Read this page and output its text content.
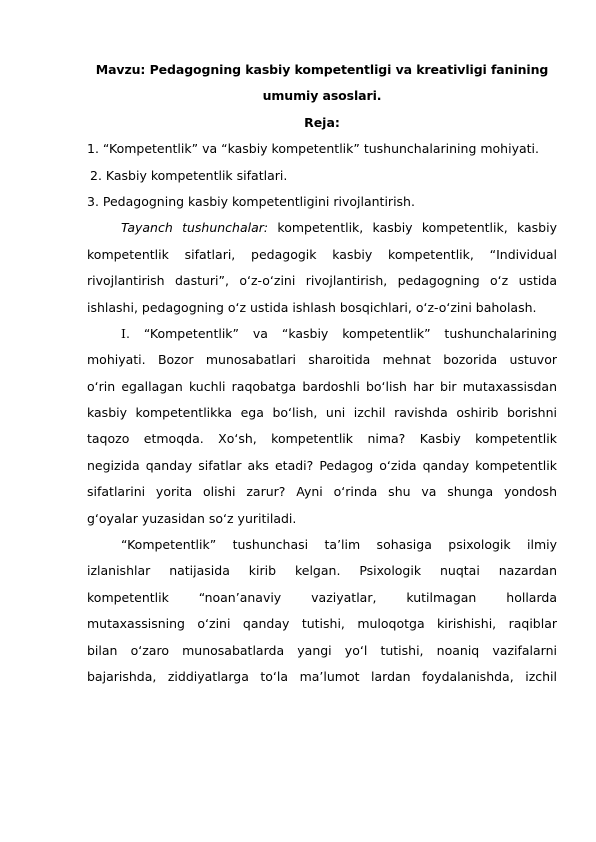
Mavzu: Pedagogning kasbiy kompetentligi va kreativligi fanining
umumiy asoslari.
Reja:
1. “Kompetentlik” va “kasbiy kompetentlik” tushunchalarining mohiyati.
2. Kasbiy kompetentlik sifatlari.
3. Pedagogning kasbiy kompetentligini rivojlantirish.
Tayanch tushunchalar: kompetentlik, kasbiy kompetentlik, kasbiy
kompetentlik sifatlari, pedagogik kasbiy kompetentlik, “Individual
rivojlantirish dasturi”, o‘z-o‘zini rivojlantirish, pedagogning o‘z ustida
ishlashi, pedagogning o‘z ustida ishlash bosqichlari, o‘z-o‘zini baholash.
I. “Kompetentlik” va “kasbiy kompetentlik” tushunchalarining
mohiyati. Bozor munosabatlari sharoitida mehnat bozorida ustuvor
o‘rin egallagan kuchli raqobatga bardoshli bo‘lish har bir mutaxassisdan
kasbiy kompetentlikka ega bo‘lish, uni izchil ravishda oshirib borishni
taqozo etmoqda. Xo‘sh, kompetentlik nima? Kasbiy kompetentlik
negizida qanday sifatlar aks etadi? Pedagog o‘zida qanday kompetentlik
sifatlarini yorita olishi zarur? Ayni o‘rinda shu va shunga yondosh
g‘oyalar yuzasidan so‘z yuritiladi.
“Kompetentlik” tushunchasi ta’lim sohasiga psixologik ilmiy
izlanishlar natijasida kirib kelgan. Psixologik nuqtai nazardan
kompetentlik “noan’anaviy vaziyatlar, kutilmagan hollarda
mutaxassisning o‘zini qanday tutishi, muloqotga kirishishi, raqiblar
bilan o‘zaro munosabatlarda yangi yo‘l tutishi, noaniq vazifalarni
bajarishda, ziddiyatlarga to‘la ma’lumot lardan foydalanishda, izchil
